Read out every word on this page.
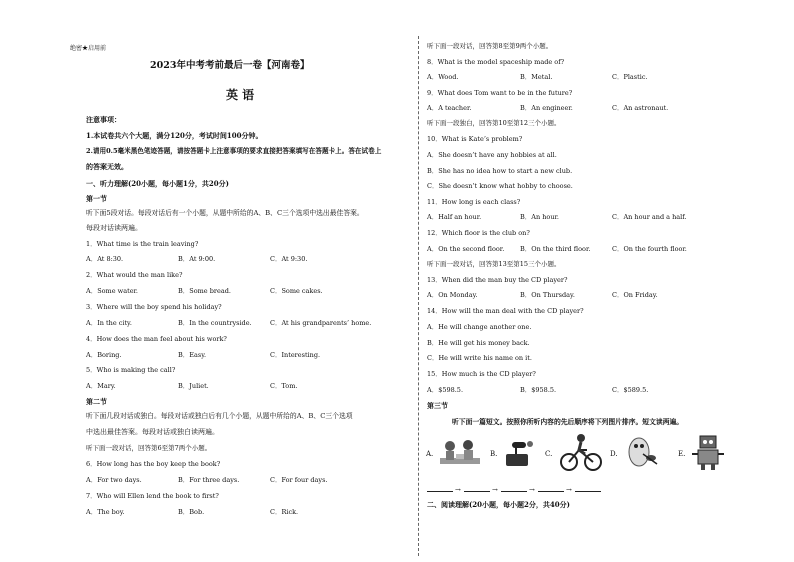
绝密★启用前
2023年中考考前最后一卷【河南卷】
英 语
注意事项：
1.本试卷共六个大题，满分120分，考试时间100分钟。
2.请用0.5毫米黑色笔迹答题，请按答题卡上注意事项的要求直接把答案填写在答题卡上。答在试卷上
的答案无效。
一、听力理解(20小题，每小题1分，共20分)
第一节
听下面5段对话。每段对话后有一个小题，从题中所给的A、B、C三个选项中选出最佳答案。
每段对话读两遍。
1．What time is the train leaving?
A．At 8:30.	B．At 9:00.	C．At 9:30.
2．What would the man like?
A．Some water.	B．Some bread.	C．Some cakes.
3．Where will the boy spend his holiday?
A．In the city.	B．In the countryside.	C．At his grandparents’ home.
4．How does the man feel about his work?
A．Boring.	B．Easy.	C．Interesting.
5．Who is making the call?
A．Mary.	B．Juliet.	C．Tom.
第二节
听下面几段对话或独白。每段对话或独白后有几个小题，从题中所给的A、B、C三个选项
中选出最佳答案。每段对话或独白读两遍。
听下面一段对话，回答第6至第7两个小题。
6．How long has the boy keep the book?
A．For two days.	B．For three days.	C．For four days.
7．Who will Ellen lend the book to first?
A．The boy.	B．Bob.	C．Rick.
听下面一段对话，回答第8至第9两个小题。
8．What is the model spaceship made of?
A．Wood.	B．Metal.	C．Plastic.
9．What does Tom want to be in the future?
A．A teacher.	B．An engineer.	C．An astronaut.
听下面一段独白，回答第10至第12三个小题。
10．What is Kate’s problem?
A．She doesn’t have any hobbies at all.
B．She has no idea how to start a new club.
C．She doesn’t know what hobby to choose.
11．How long is each class?
A．Half an hour.	B．An hour.	C．An hour and a half.
12．Which floor is the club on?
A．On the second floor. B．On the third floor.	C．On the fourth floor.
听下面一段对话，回答第13至第15三个小题。
13．When did the man buy the CD player?
A．On Monday.	B．On Thursday.	C．On Friday.
14．How will the man deal with the CD player?
A．He will change another one.
B．He will get his money back.
C．He will write his name on it.
15．How much is the CD player?
A．$598.5.	B．$958.5.	C．$589.5.
第三节
听下面一篇短文。按照你所听内容的先后顺序将下列图片排序。短文读两遍。
A.	B.	C.	D.	E.
→	→	→	→
二、阅读理解(20小题，每小题2分，共40分)
